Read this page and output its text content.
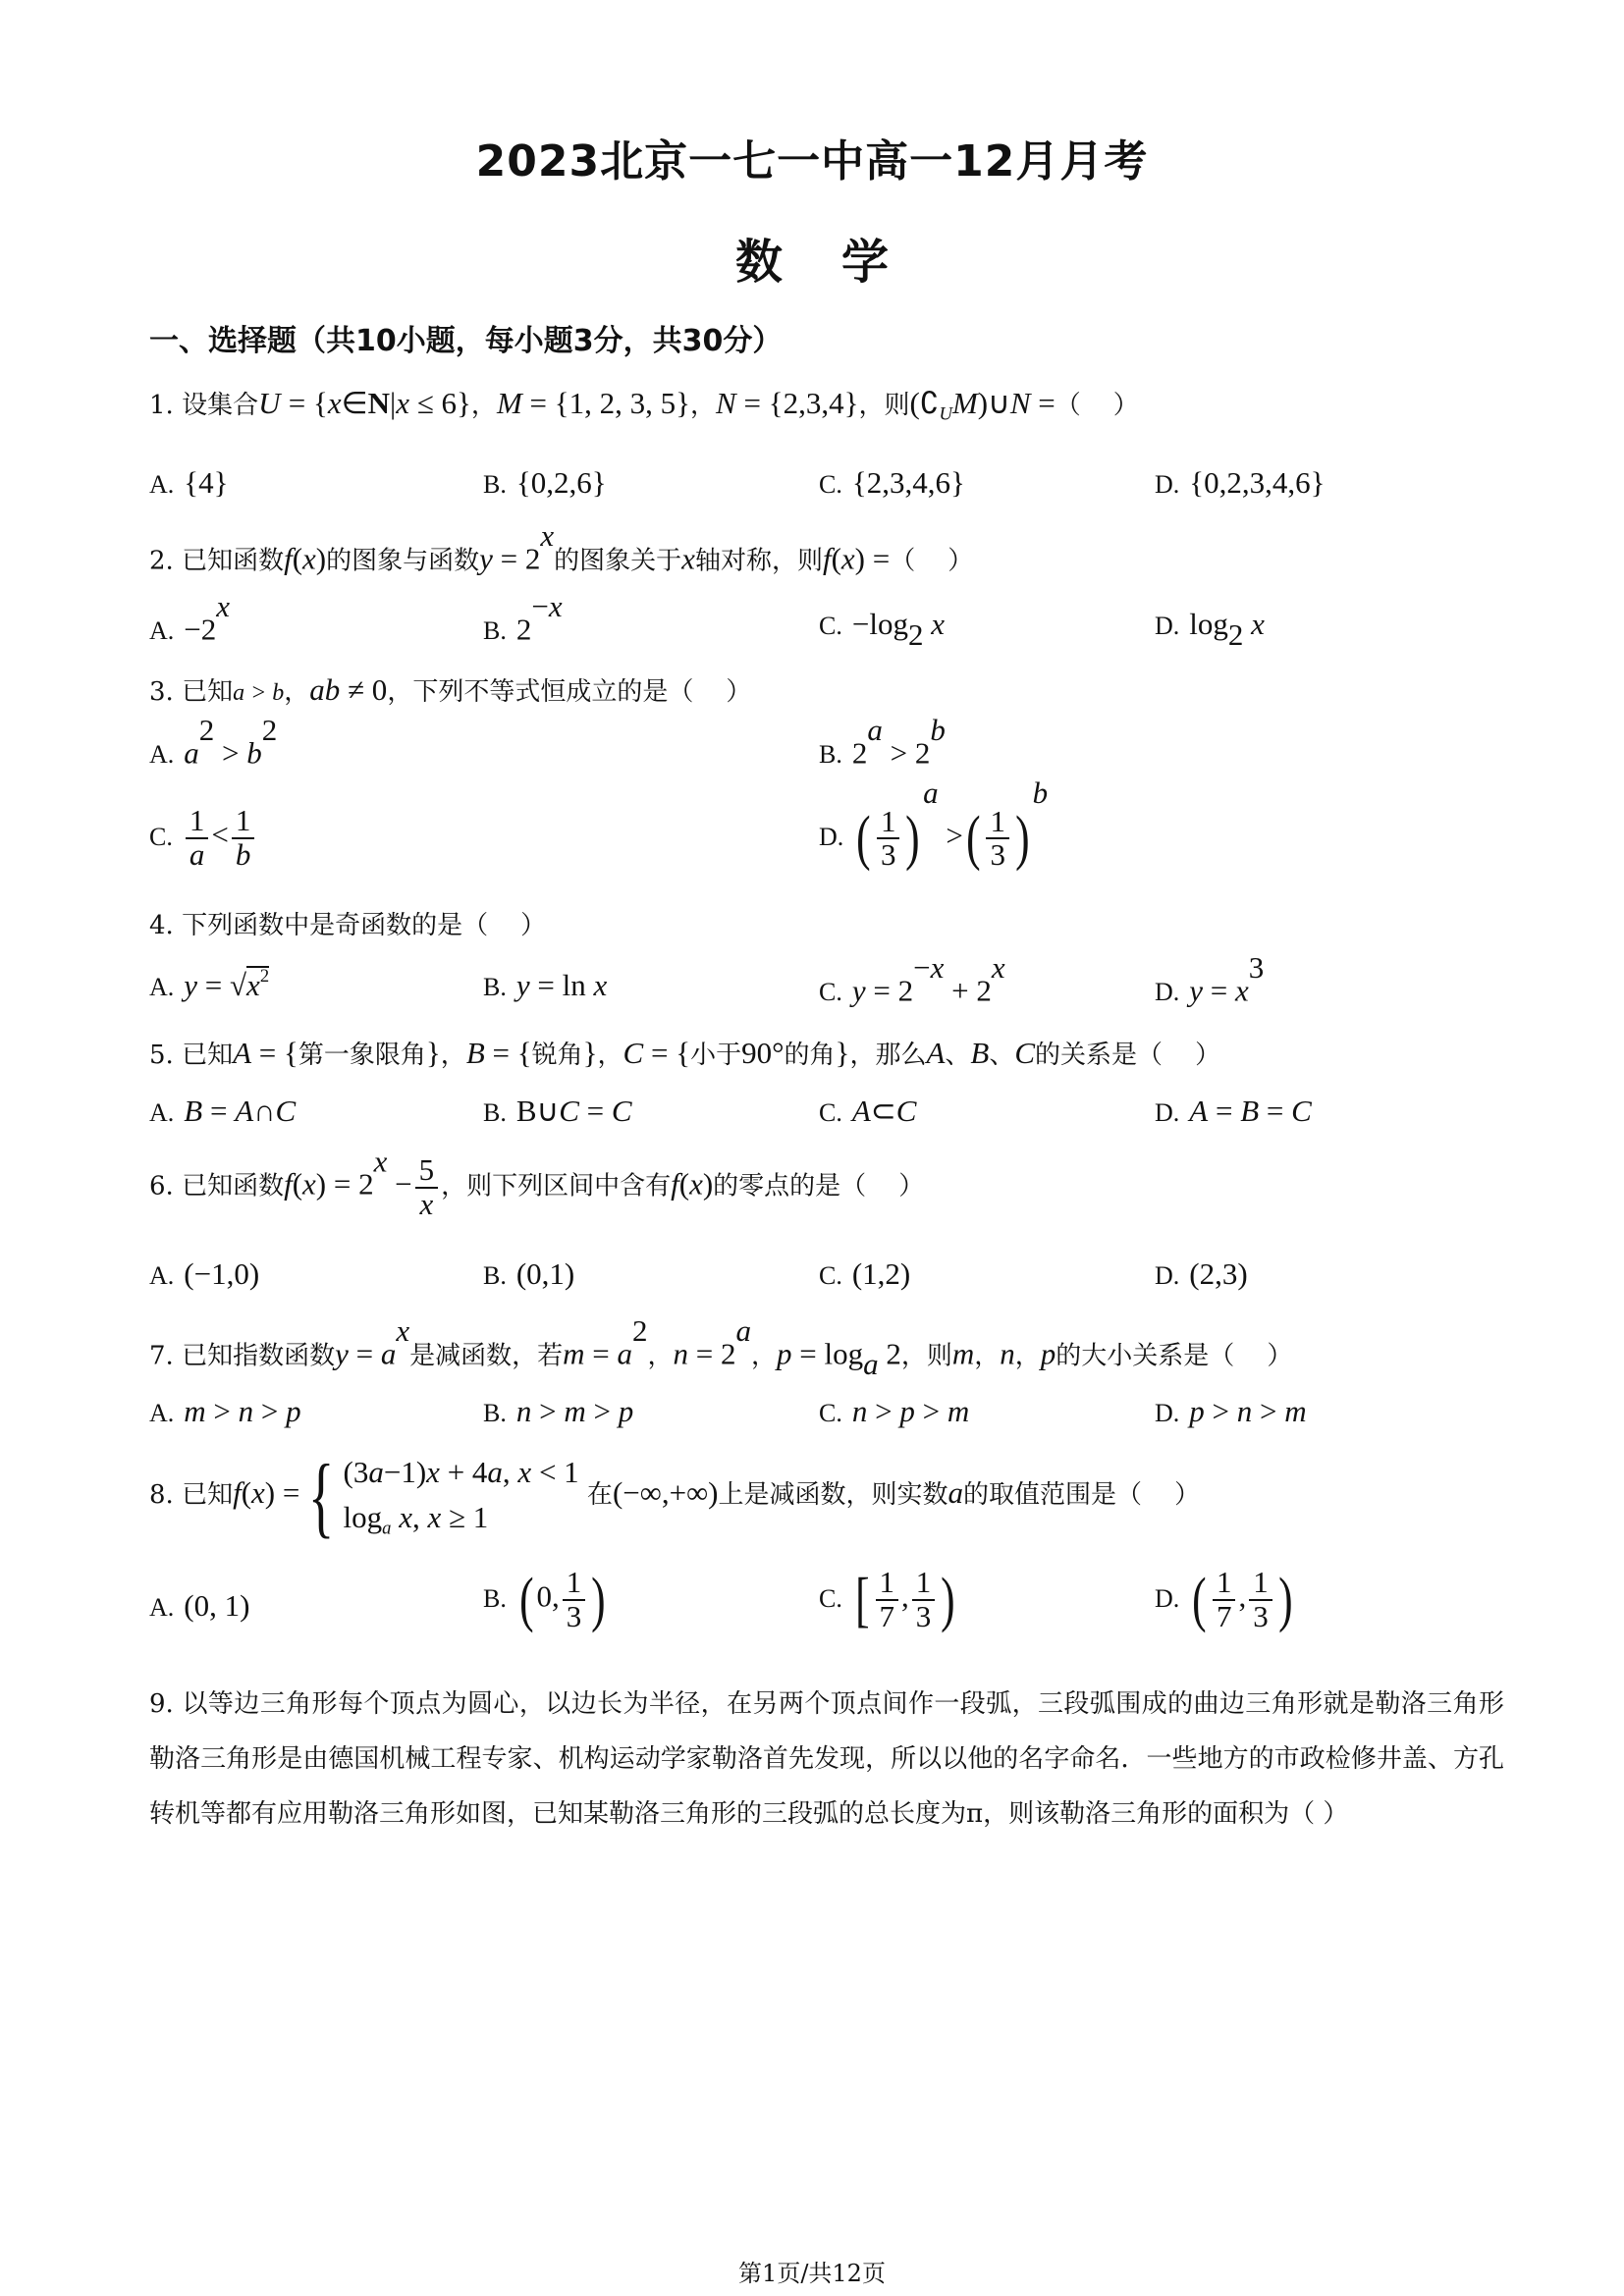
2023北京一七一中高一12月月考
数学
一、选择题（共10小题，每小题3分，共30分）
1. 设集合U = {x∈N|x ≤ 6}，M = {1, 2, 3, 5}，N = {2,3,4}，则$(∁_UM)\cup N$ =（    ）
A. {4}	B. {0,2,6}	C. {2,3,4,6}	D. {0,2,3,4,6}
2. 已知函数f(x)的图象与函数$y = 2^x$的图象关于x轴对称，则f(x) =（    ）
A. $-2^x$
B. $2^{-x}$
C. $-\log_2$ x	D. $\log_2 x$
3. 已知a > b，ab ≠ 0，下列不等式恒成立的是（    ）
A. $a^2 > b^2$
B. $2^a > 2^b$
C. $\frac{1}{a} < \frac{1}{b}$	D. ( $\frac{1}{3} )^a$ >( $\frac{1}{3} )^b$
4. 下列函数中是奇函数的是（    ）
A. $y = √x^2$	B. y = ln x	C. $y = 2^{-x} + 2^x$
D. $y = x^3$
5. 已知A = {第一象限角}，B = {锐角}，C = {小于90°的角}，那么A、B、C的关系是（    ）
A. B = A∩C	B. B∪C = C	C. A⊂C	D. A = B = C
6. 已知函数$f(x) = 2^x - \frac{5}{x}$ ，则下列区间中含有f(x)的零点的是（    ）
A. (−1,0)	B. (0,1)	C. (1,2)	D. (2,3)
7. 已知指数函数$y = a^x$是减函数，若$m = a^2$，$n = 2^a$，$p = \log_a 2$，则m，n，p的大小关系是（    ）
A. m > n > p	B. n > m > p	C. n > p > m	D. p > n > m
8. 已知f(x) ={ (3a−1)x + 4a, x < 1
$\log_a x$, x ≥ 1 在(−∞,+∞)上是减函数，则实数a的取值范围是（    ）
A. (0, 1)	B. (0, $\frac{1}{3}$ )	C. [ $\frac{1}{7}$ , $\frac{1}{3}$ )	D. ( $\frac{1}{7}$ , $\frac{1}{3}$ )
9. 以等边三角形每个顶点为圆心，以边长为半径，在另两个顶点间作一段弧，三段弧围成的曲边三角形就是勒洛三角形勒洛三角形是由德国机械工程专家、机构运动学家勒洛首先发现，所以以他的名字命名．一些地方的市政检修井盖、方孔转机等都有应用勒洛三角形如图，已知某勒洛三角形的三段弧的总长度为π，则该勒洛三角形的面积为（ ）
第1页/共12页
